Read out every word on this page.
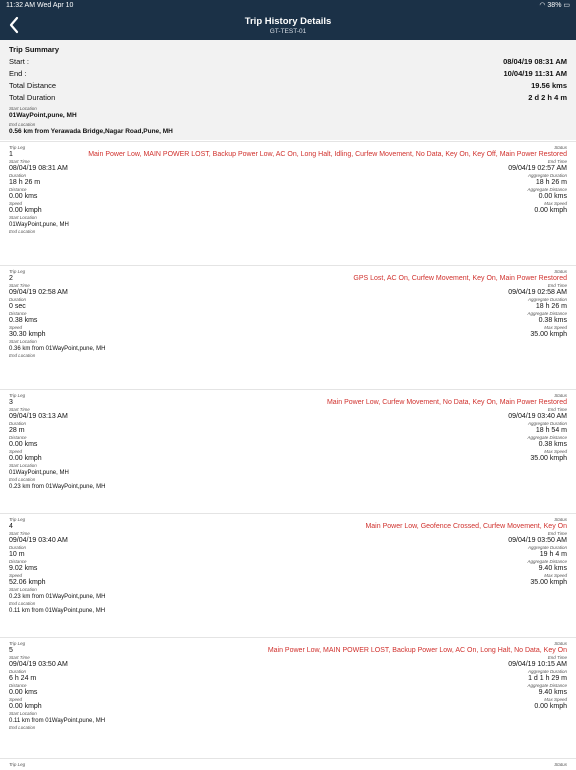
11:32 AM Wed Apr 10	◠ 38% ▭
Trip History Details
GT-TEST-01
Trip Summary
Start :	08/04/19 08:31 AM
End :	10/04/19 11:31 AM
Total Distance	19.56 kms
Total Duration	2 d 2 h 4 m
Start Location
01WayPoint,pune, MH
End Location
0.56 km from Yerawada Bridge,Nagar Road,Pune, MH
Trip Leg
1
Start Time
08/04/19 08:31 AM
Duration
18 h 26 m
Distance
0.00 kms
Speed
0.00 kmph
Start Location
01WayPoint,pune, MH
End Location
Status
Main Power Low, MAIN POWER LOST, Backup Power Low, AC On, Long Halt, Idling, Curfew Movement, No Data, Key On, Key Off, Main Power Restored
End Time
09/04/19 02:57 AM
Aggregate Duration
18 h 26 m
Aggregate Distance
0.00 kms
Max Speed
0.00 kmph
Trip Leg
2
Start Time
09/04/19 02:58 AM
Duration
0 sec
Distance
0.38 kms
Speed
30.30 kmph
Start Location
0.36 km from 01WayPoint,pune, MH
End Location
Status
GPS Lost, AC On, Curfew Movement, Key On, Main Power Restored
End Time
09/04/19 02:58 AM
Aggregate Duration
18 h 26 m
Aggregate Distance
0.38 kms
Max Speed
35.00 kmph
Trip Leg
3
Start Time
09/04/19 03:13 AM
Duration
28 m
Distance
0.00 kms
Speed
0.00 kmph
Start Location
01WayPoint,pune, MH
End Location
0.23 km from 01WayPoint,pune, MH
Status
Main Power Low, Curfew Movement, No Data, Key On, Main Power Restored
End Time
09/04/19 03:40 AM
Aggregate Duration
18 h 54 m
Aggregate Distance
0.38 kms
Max Speed
35.00 kmph
Trip Leg
4
Start Time
09/04/19 03:40 AM
Duration
10 m
Distance
9.02 kms
Speed
52.06 kmph
Start Location
0.23 km from 01WayPoint,pune, MH
End Location
0.11 km from 01WayPoint,pune, MH
Status
Main Power Low, Geofence Crossed, Curfew Movement, Key On
End Time
09/04/19 03:50 AM
Aggregate Duration
19 h 4 m
Aggregate Distance
9.40 kms
Max Speed
35.00 kmph
Trip Leg
5
Start Time
09/04/19 03:50 AM
Duration
6 h 24 m
Distance
0.00 kms
Speed
0.00 kmph
Start Location
0.11 km from 01WayPoint,pune, MH
End Location
Status
Main Power Low, MAIN POWER LOST, Backup Power Low, AC On, Long Halt, No Data, Key On
End Time
09/04/19 10:15 AM
Aggregate Duration
1 d 1 h 29 m
Aggregate Distance
9.40 kms
Max Speed
0.00 kmph
Trip Leg	Status
